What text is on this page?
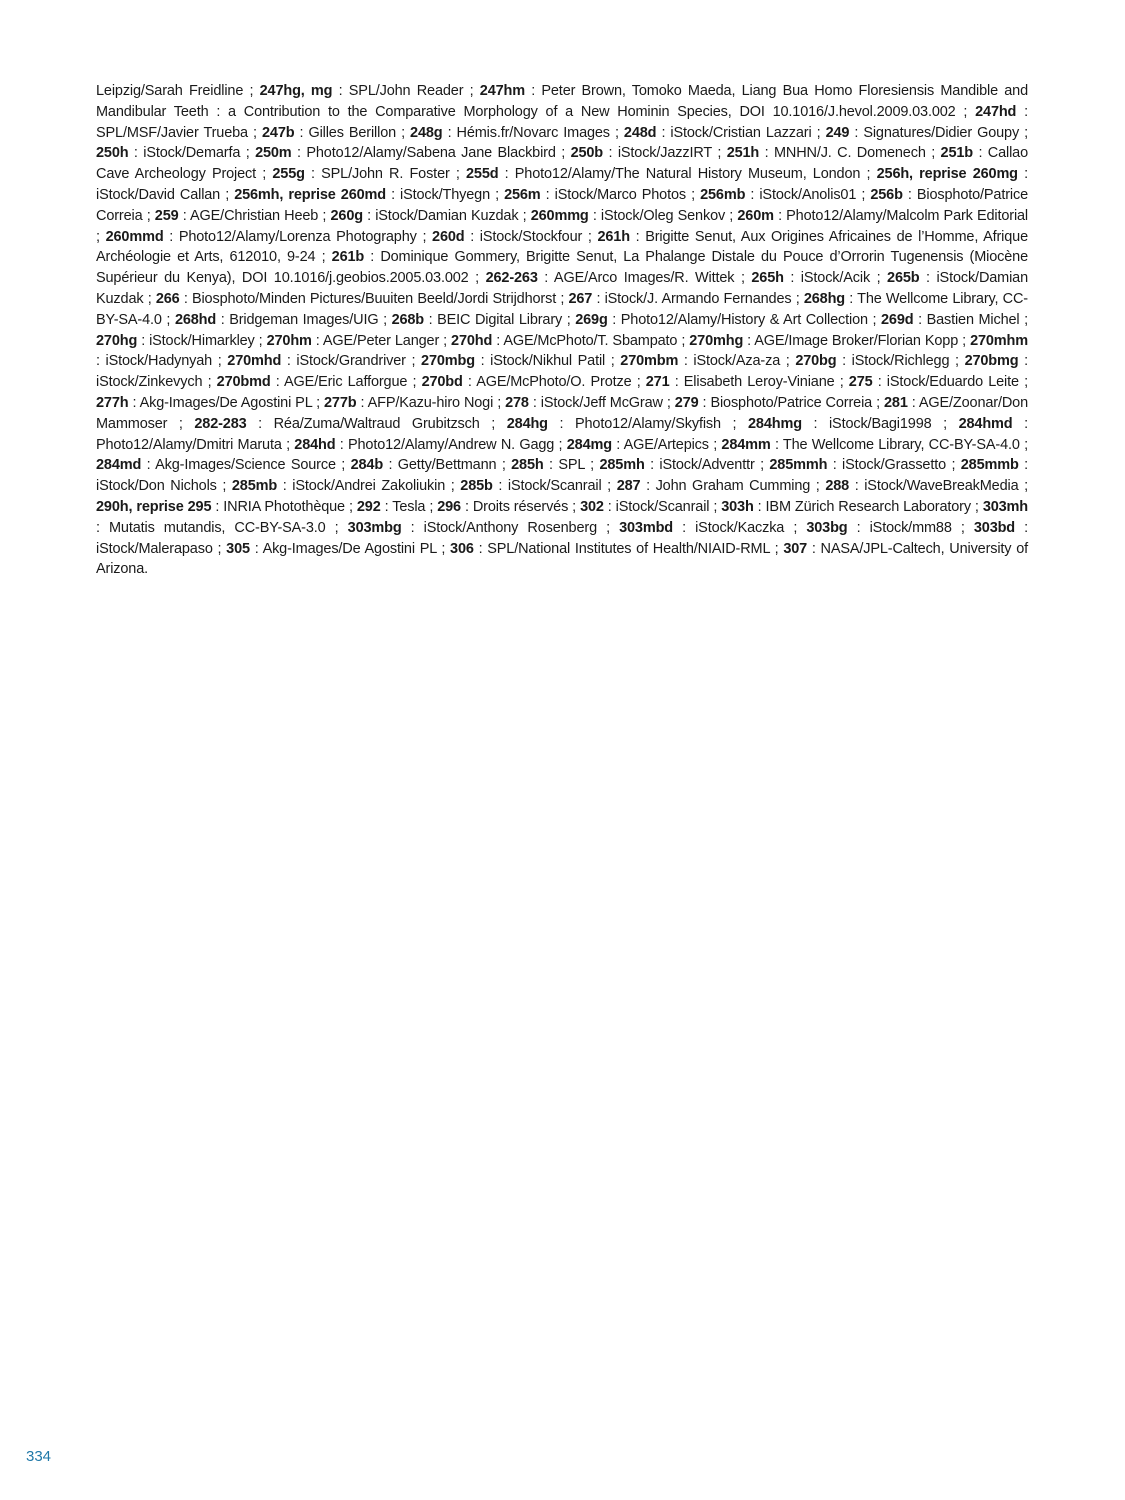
Leipzig/Sarah Freidline ; 247hg, mg : SPL/John Reader ; 247hm : Peter Brown, Tomoko Maeda, Liang Bua Homo Floresiensis Mandible and Mandibular Teeth : a Contribution to the Comparative Morphology of a New Hominin Species, DOI 10.1016/J.hevol.2009.03.002 ; 247hd : SPL/MSF/Javier Trueba ; 247b : Gilles Berillon ; 248g : Hémis.fr/Novarc Images ; 248d : iStock/Cristian Lazzari ; 249 : Signatures/Didier Goupy ; 250h : iStock/Demarfa ; 250m : Photo12/Alamy/Sabena Jane Blackbird ; 250b : iStock/JazzIRT ; 251h : MNHN/J. C. Domenech ; 251b : Callao Cave Archeology Project ; 255g : SPL/John R. Foster ; 255d : Photo12/Alamy/The Natural History Museum, London ; 256h, reprise 260mg : iStock/David Callan ; 256mh, reprise 260md : iStock/Thyegn ; 256m : iStock/Marco Photos ; 256mb : iStock/Anolis01 ; 256b : Biosphoto/Patrice Correia ; 259 : AGE/Christian Heeb ; 260g : iStock/Damian Kuzdak ; 260mmg : iStock/Oleg Senkov ; 260m : Photo12/Alamy/Malcolm Park Editorial ; 260mmd : Photo12/Alamy/Lorenza Photography ; 260d : iStock/Stockfour ; 261h : Brigitte Senut, Aux Origines Africaines de l’Homme, Afrique Archéologie et Arts, 612010, 9-24 ; 261b : Dominique Gommery, Brigitte Senut, La Phalange Distale du Pouce d’Orrorin Tugenensis (Miocène Supérieur du Kenya), DOI 10.1016/j.geobios.2005.03.002 ; 262-263 : AGE/Arco Images/R. Wittek ; 265h : iStock/Acik ; 265b : iStock/Damian Kuzdak ; 266 : Biosphoto/Minden Pictures/Buuiten Beeld/Jordi Strijdhorst ; 267 : iStock/J. Armando Fernandes ; 268hg : The Wellcome Library, CC-BY-SA-4.0 ; 268hd : Bridgeman Images/UIG ; 268b : BEIC Digital Library ; 269g : Photo12/Alamy/History & Art Collection ; 269d : Bastien Michel ; 270hg : iStock/Himarkley ; 270hm : AGE/Peter Langer ; 270hd : AGE/McPhoto/T. Sbampato ; 270mhg : AGE/Image Broker/Florian Kopp ; 270mhm : iStock/Hadynyah ; 270mhd : iStock/Grandriver ; 270mbg : iStock/Nikhul Patil ; 270mbm : iStock/Aza-za ; 270bg : iStock/Richlegg ; 270bmg : iStock/Zinkevych ; 270bmd : AGE/Eric Lafforgue ; 270bd : AGE/McPhoto/O. Protze ; 271 : Elisabeth Leroy-Viniane ; 275 : iStock/Eduardo Leite ; 277h : Akg-Images/De Agostini PL ; 277b : AFP/Kazu-hiro Nogi ; 278 : iStock/Jeff McGraw ; 279 : Biosphoto/Patrice Correia ; 281 : AGE/Zoonar/Don Mammoser ; 282-283 : Réa/Zuma/Waltraud Grubitzsch ; 284hg : Photo12/Alamy/Skyfish ; 284hmg : iStock/Bagi1998 ; 284hmd : Photo12/Alamy/Dmitri Maruta ; 284hd : Photo12/Alamy/Andrew N. Gagg ; 284mg : AGE/Artepics ; 284mm : The Wellcome Library, CC-BY-SA-4.0 ; 284md : Akg-Images/Science Source ; 284b : Getty/Bettmann ; 285h : SPL ; 285mh : iStock/Adventtr ; 285mmh : iStock/Grassetto ; 285mmb : iStock/Don Nichols ; 285mb : iStock/Andrei Zakoliukin ; 285b : iStock/Scanrail ; 287 : John Graham Cumming ; 288 : iStock/WaveBreakMedia ; 290h, reprise 295 : INRIA Photothèque ; 292 : Tesla ; 296 : Droits réservés ; 302 : iStock/Scanrail ; 303h : IBM Zürich Research Laboratory ; 303mh : Mutatis mutandis, CC-BY-SA-3.0 ; 303mbg : iStock/Anthony Rosenberg ; 303mbd : iStock/Kaczka ; 303bg : iStock/mm88 ; 303bd : iStock/Malerapaso ; 305 : Akg-Images/De Agostini PL ; 306 : SPL/National Institutes of Health/NIAID-RML ; 307 : NASA/JPL-Caltech, University of Arizona.

334
